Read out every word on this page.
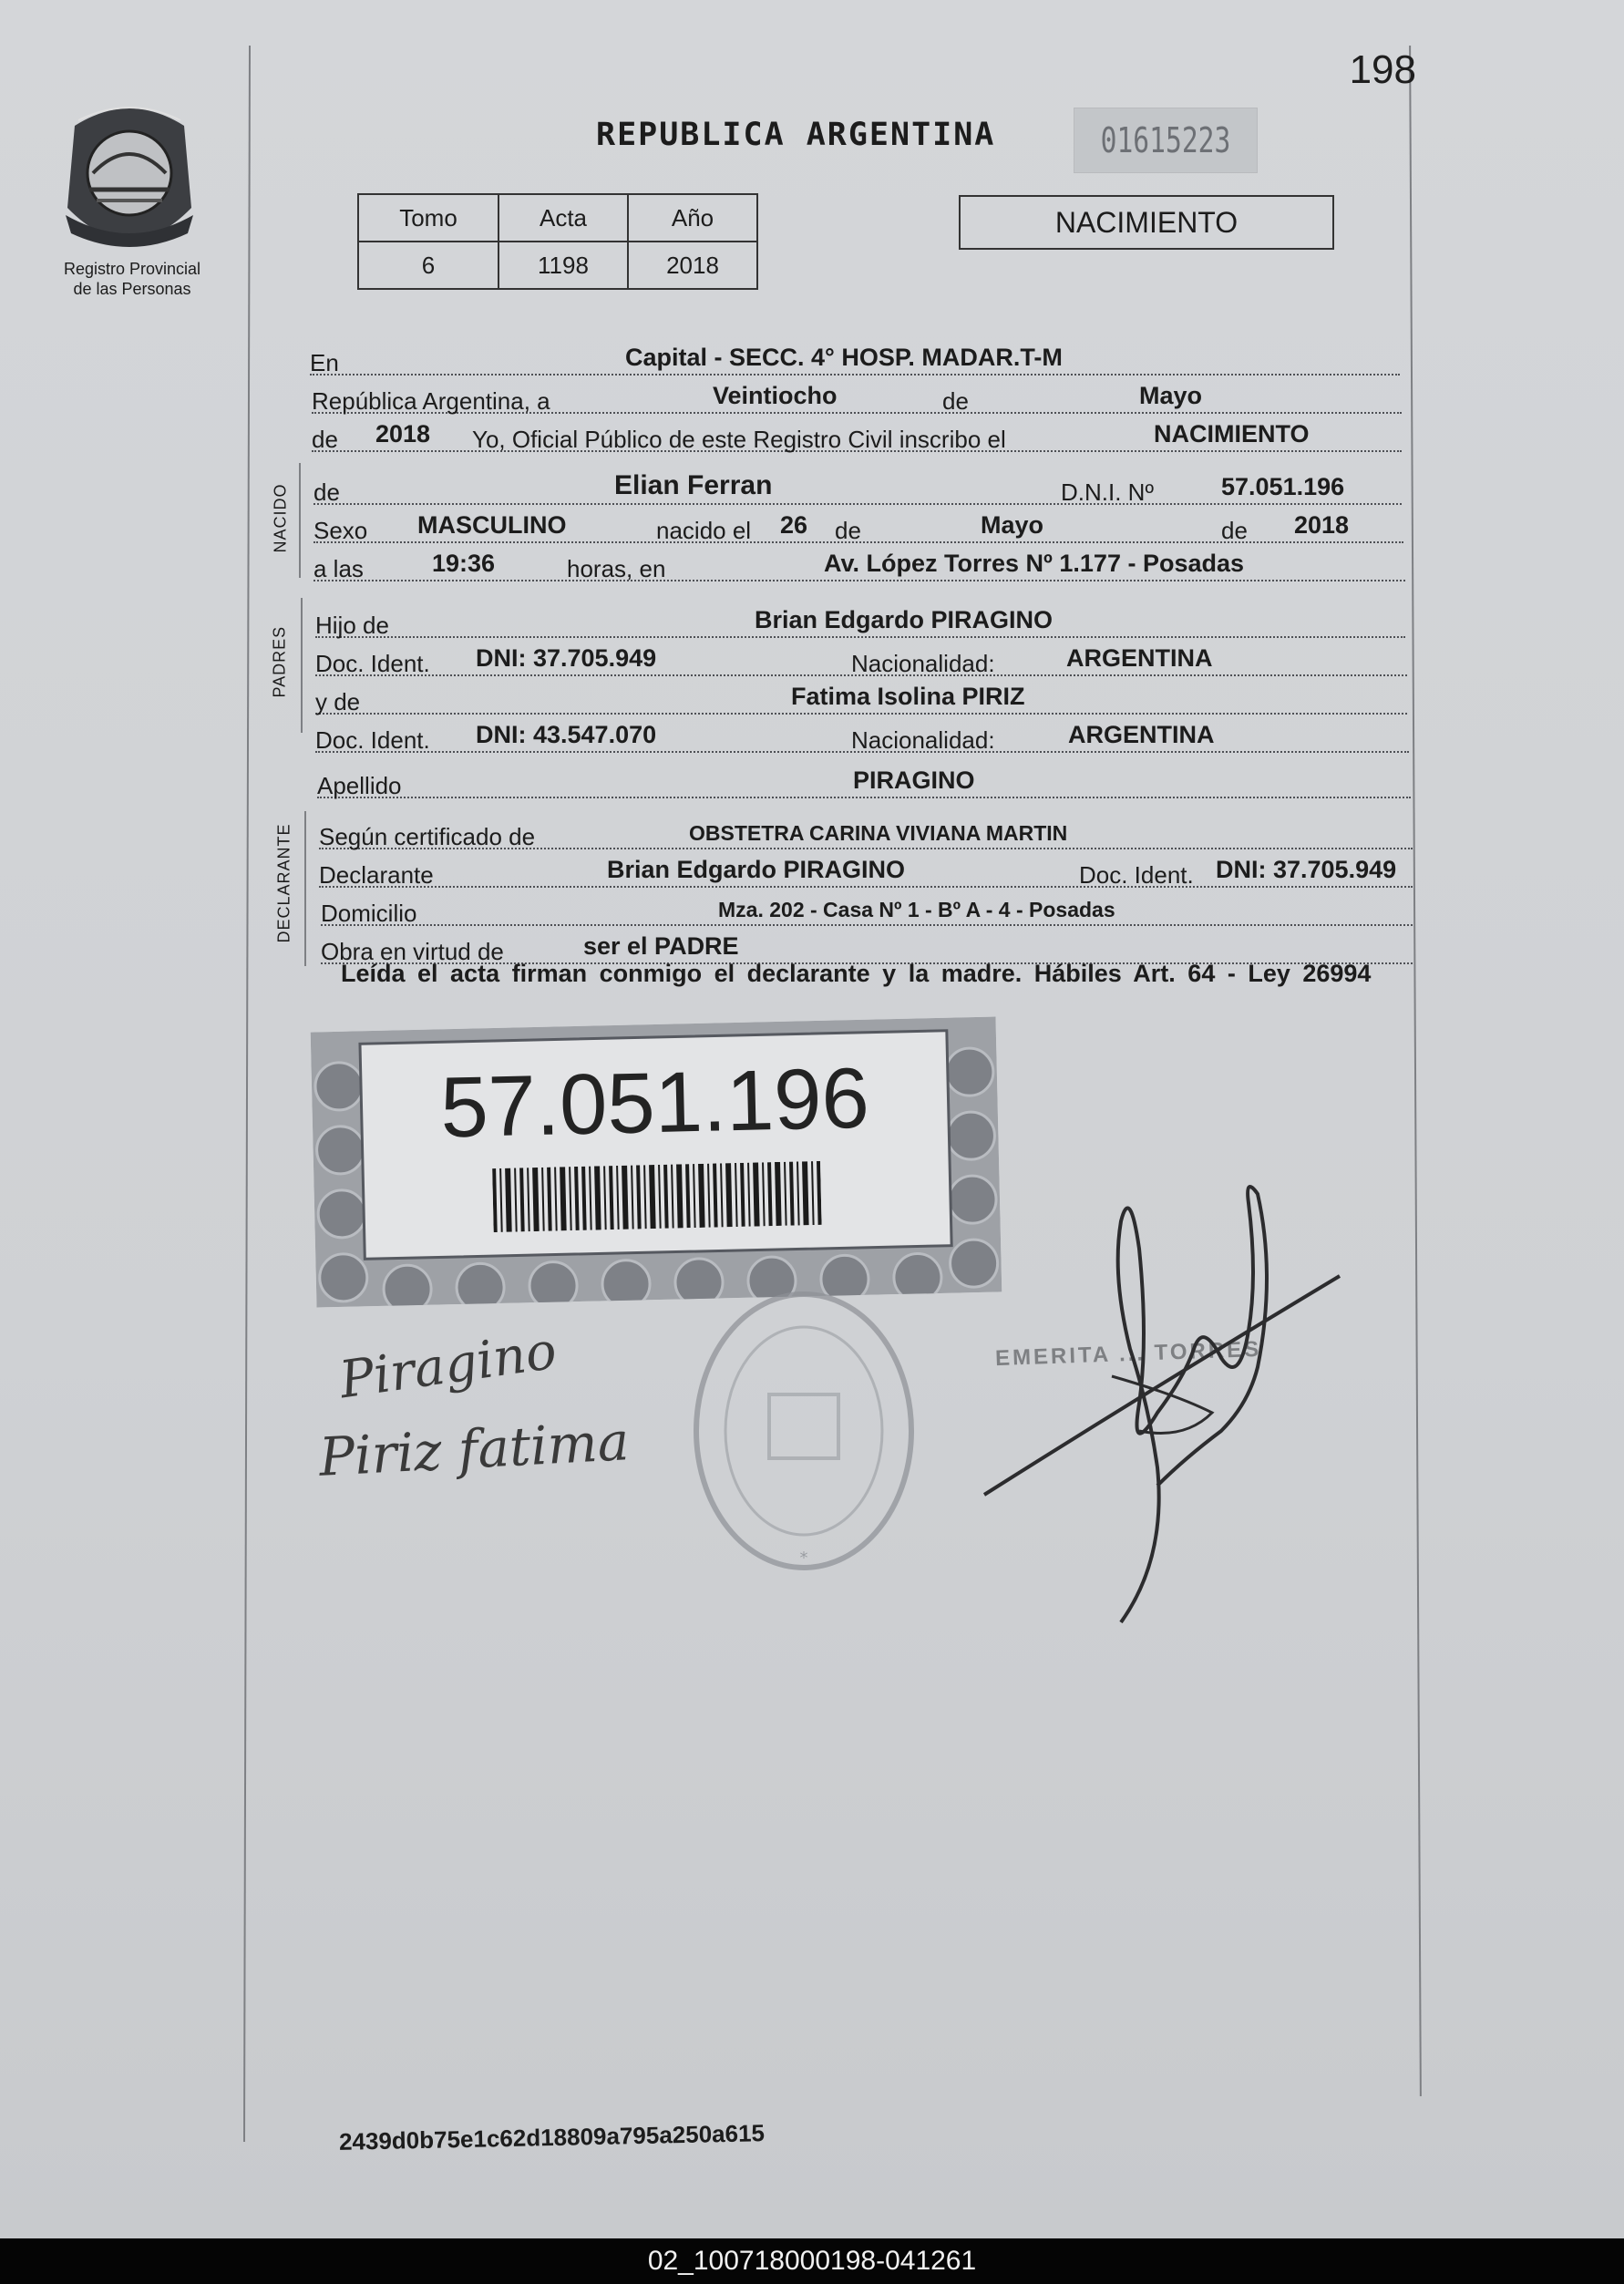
198
Registro Provincial
de las Personas
REPUBLICA ARGENTINA	01615223
Tomo	Acta	Año
6	1198	2018
NACIMIENTO
En	Capital - SECC. 4° HOSP. MADAR.T-M
República Argentina, a	Veintiocho	de	Mayo
de 2018 Yo, Oficial Público de este Registro Civil inscribo el	NACIMIENTO
NACIDO de	Elian Ferran	D.N.I. Nº	57.051.196
Sexo MASCULINO	nacido el 26 de	Mayo	de 2018
a las	19:36	horas, en	Av. López Torres Nº 1.177 - Posadas
PADRES
Hijo de	Brian Edgardo PIRAGINO
Doc. Ident. DNI: 37.705.949	Nacionalidad:	ARGENTINA
y de	Fatima Isolina PIRIZ
Doc. Ident. DNI: 43.547.070	Nacionalidad:	ARGENTINA
Apellido	PIRAGINO
DECLARANTE Según certificado de	OBSTETRA CARINA VIVIANA MARTIN
Declarante	Brian Edgardo PIRAGINO	Doc. Ident. DNI: 37.705.949
Domicilio	Mza. 202 - Casa Nº 1 - Bº A - 4 - Posadas
Obra en virtud de	ser el PADRE
Leída el acta firman conmigo el declarante y la madre. Hábiles Art. 64 - Ley 26994
57.051.196
*
Piragino
Piriz fatima
EMERITA ... TORRES
2439d0b75e1c62d18809a795a250a615
02_100718000198-041261
